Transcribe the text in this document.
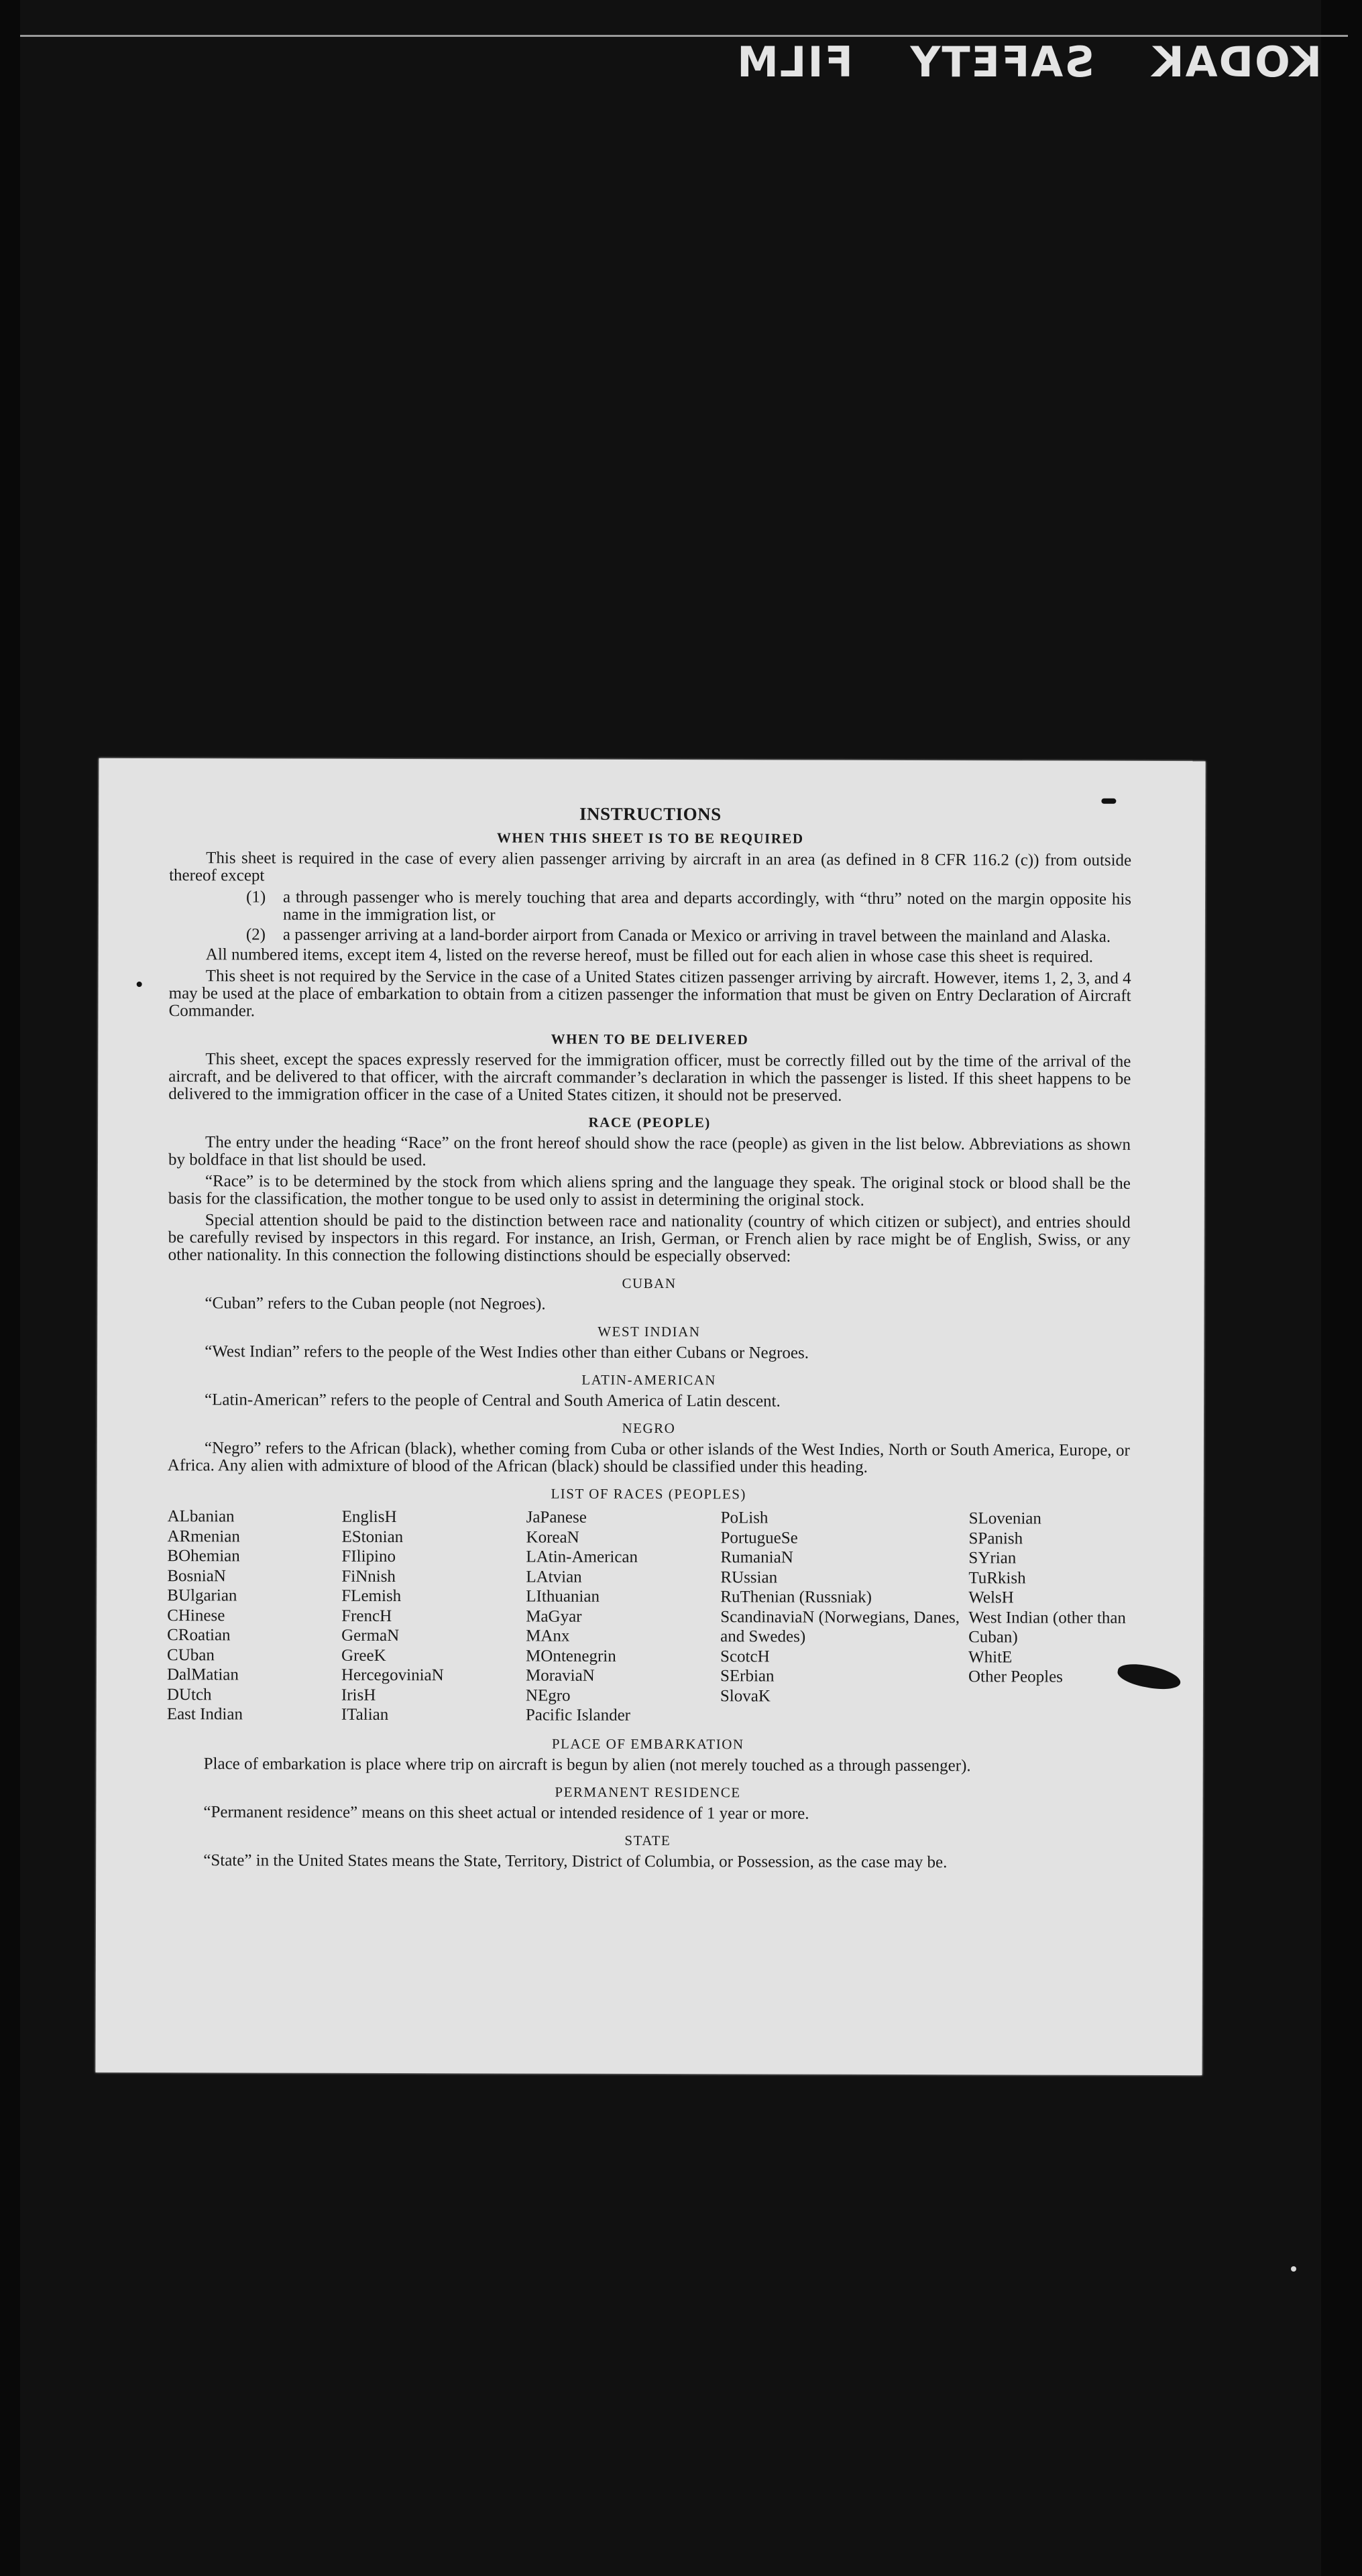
KODAK SAFETY FILM
INSTRUCTIONS
WHEN THIS SHEET IS TO BE REQUIRED

This sheet is required in the case of every alien passenger arriving by aircraft in an area (as defined in 8 CFR 116.2 (c)) from outside thereof except

(1)	a through passenger who is merely touching that area and departs accordingly, with “thru” noted on the margin opposite his name in the immigration list, or
(2)	a passenger arriving at a land-border airport from Canada or Mexico or arriving in travel between the mainland and Alaska.

All numbered items, except item 4, listed on the reverse hereof, must be filled out for each alien in whose case this sheet is required.

This sheet is not required by the Service in the case of a United States citizen passenger arriving by aircraft. However, items 1, 2, 3, and 4 may be used at the place of embarkation to obtain from a citizen passenger the information that must be given on Entry Declaration of Aircraft Commander.

WHEN TO BE DELIVERED

This sheet, except the spaces expressly reserved for the immigration officer, must be correctly filled out by the time of the arrival of the aircraft, and be delivered to that officer, with the aircraft commander’s declaration in which the passenger is listed. If this sheet happens to be delivered to the immigration officer in the case of a United States citizen, it should not be preserved.

RACE (PEOPLE)

The entry under the heading “Race” on the front hereof should show the race (people) as given in the list below. Abbreviations as shown by boldface in that list should be used.

“Race” is to be determined by the stock from which aliens spring and the language they speak. The original stock or blood shall be the basis for the classification, the mother tongue to be used only to assist in determining the original stock.

Special attention should be paid to the distinction between race and nationality (country of which citizen or subject), and entries should be carefully revised by inspectors in this regard. For instance, an Irish, German, or French alien by race might be of English, Swiss, or any other nationality. In this connection the following distinctions should be especially observed:

CUBAN

“Cuban” refers to the Cuban people (not Negroes).

WEST INDIAN

“West Indian” refers to the people of the West Indies other than either Cubans or Negroes.

LATIN-AMERICAN

“Latin-American” refers to the people of Central and South America of Latin descent.

NEGRO

“Negro” refers to the African (black), whether coming from Cuba or other islands of the West Indies, North or South America, Europe, or Africa. Any alien with admixture of blood of the African (black) should be classified under this heading.

LIST OF RACES (PEOPLES)
ALbanian
ARmenian
BOhemian
BosniaN
BUlgarian
CHinese
CRoatian
CUban
DalMatian
DUtch
East Indian
EnglisH
EStonian
FIlipino
FiNnish
FLemish
FrencH
GermaN
GreeK
HercegoviniaN
IrisH
ITalian
JaPanese
KoreaN
LAtin-American
LAtvian
LIthuanian
MaGyar
MAnx
MOntenegrin
MoraviaN
NEgro
Pacific Islander
PoLish
PortugueSe
RumaniaN
RUssian
RuThenian (Russniak)
ScandinaviaN (Norwegians, Danes, and Swedes)
ScotcH
SErbian
SlovaK
SLovenian
SPanish
SYrian
TuRkish
WelsH
West Indian (other than Cuban)
WhitE
Other Peoples
PLACE OF EMBARKATION

Place of embarkation is place where trip on aircraft is begun by alien (not merely touched as a through passenger).

PERMANENT RESIDENCE

“Permanent residence” means on this sheet actual or intended residence of 1 year or more.

STATE

“State” in the United States means the State, Territory, District of Columbia, or Possession, as the case may be.
